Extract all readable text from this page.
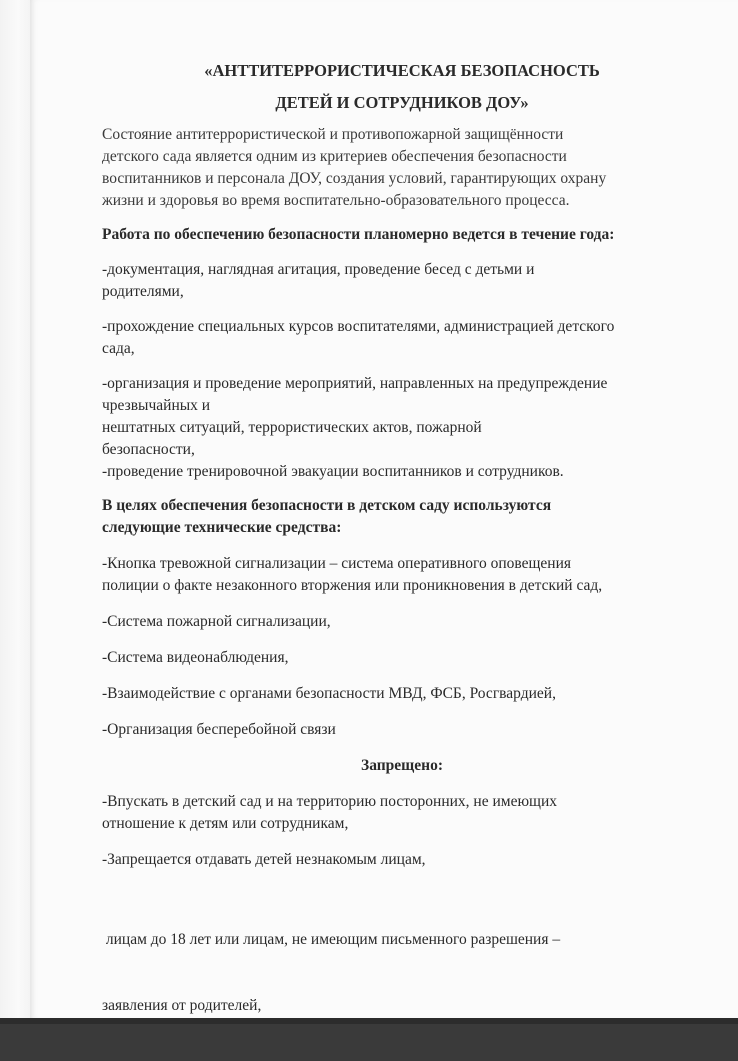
«АНТТИТЕРРОРИСТИЧЕСКАЯ БЕЗОПАСНОСТЬ

ДЕТЕЙ И СОТРУДНИКОВ ДОУ»

Состояние антитеррористической и противопожарной защищённости
детского сада является одним из критериев обеспечения безопасности
воспитанников и персонала ДОУ, создания условий, гарантирующих охрану
жизни и здоровья во время воспитательно-образовательного процесса.
Работа по обеспечению безопасности планомерно ведется в течение года:
-документация, наглядная агитация, проведение бесед с детьми и
родителями,
-прохождение специальных курсов воспитателями, администрацией детского
сада,
-организация и проведение мероприятий, направленных на предупреждение
чрезвычайных и
нештатных ситуаций, террористических актов, пожарной
безопасности,
-проведение тренировочной эвакуации воспитанников и сотрудников.
В целях обеспечения безопасности в детском саду используются
следующие технические средства:
-Кнопка тревожной сигнализации – система оперативного оповещения
полиции о факте незаконного вторжения или проникновения в детский сад,
-Система пожарной сигнализации,
-Система видеонаблюдения,
-Взаимодействие с органами безопасности МВД, ФСБ, Росгвардией,
-Организация бесперебойной связи
Запрещено:
-Впускать в детский сад и на территорию посторонних, не имеющих
отношение к детям или сотрудникам,
-Запрещается отдавать детей незнакомым лицам,

лицам до 18 лет или лицам, не имеющим письменного разрешения –

заявления от родителей,
